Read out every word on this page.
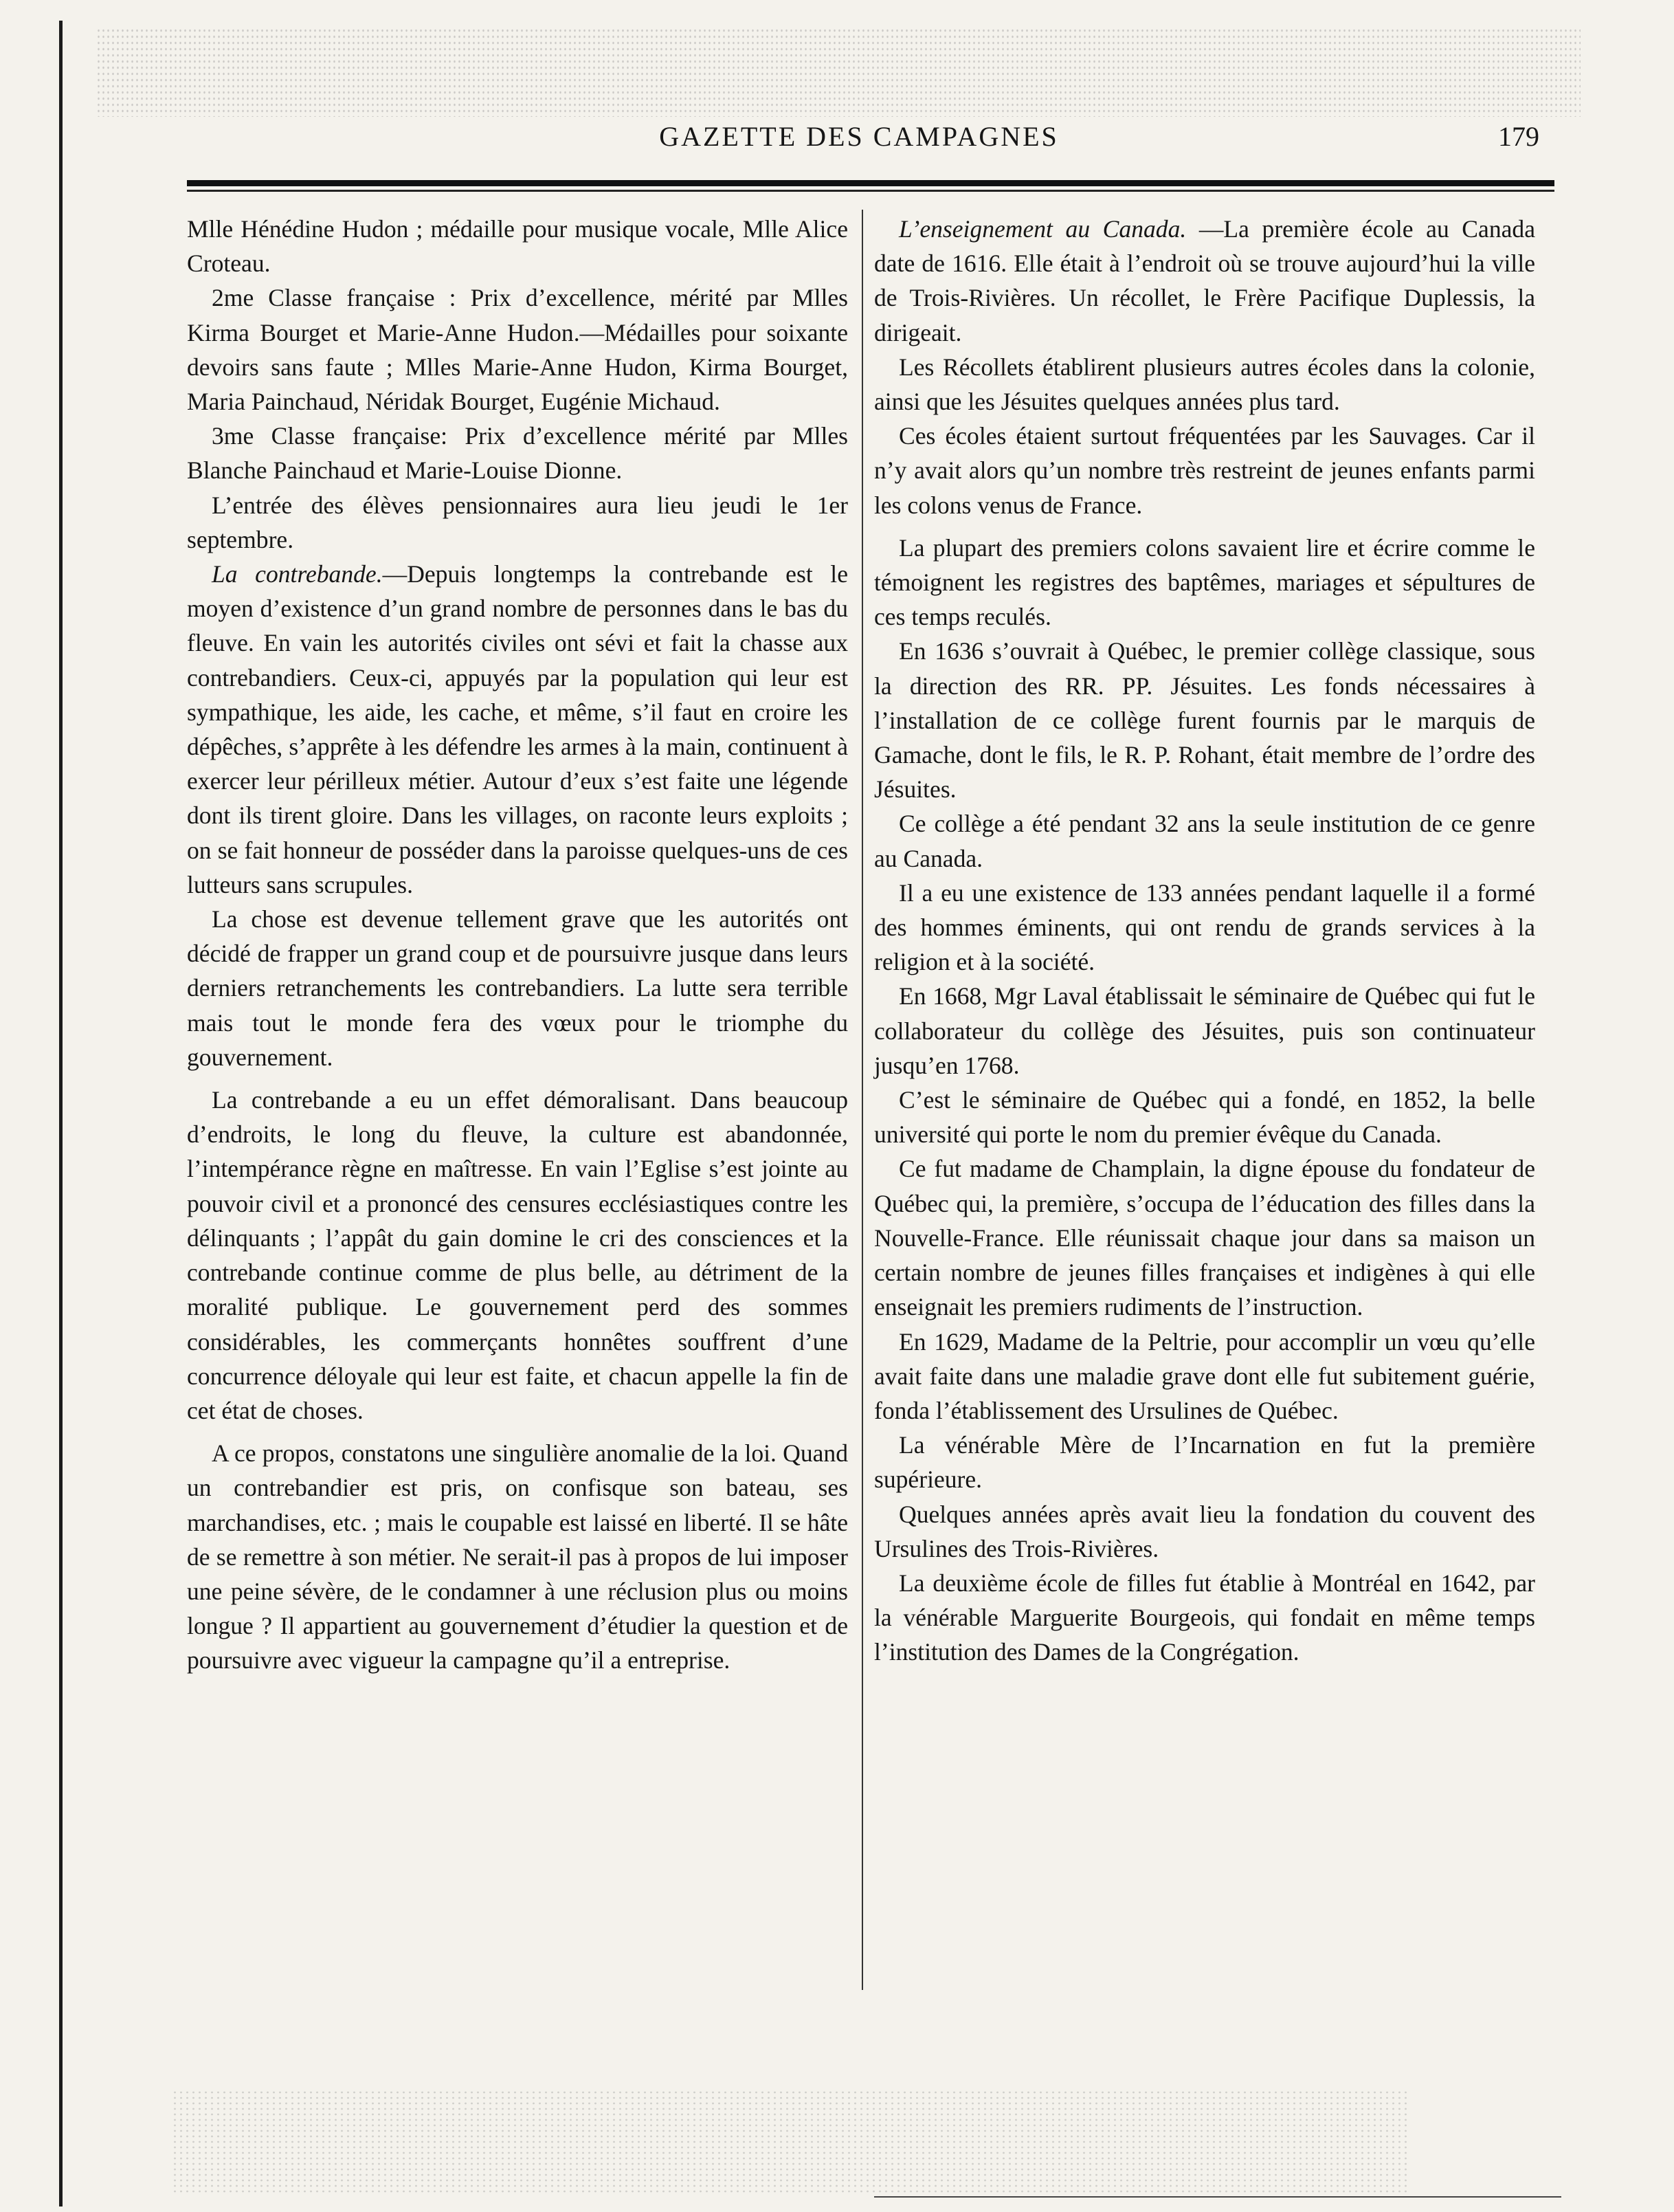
GAZETTE DES CAMPAGNES	179

Mlle Hénédine Hudon ; médaille pour musique vocale, Mlle Alice Croteau.

2me Classe française : Prix d’excellence, mérité par Mlles Kirma Bourget et Marie-Anne Hudon.—Médailles pour soixante devoirs sans faute ; Mlles Marie-Anne Hudon, Kirma Bourget, Maria Painchaud, Néridak Bourget, Eugénie Michaud.

3me Classe française: Prix d’excellence mérité par Mlles Blanche Painchaud et Marie-Louise Dionne.

L’entrée des élèves pensionnaires aura lieu jeudi le 1er septembre.

La contrebande.—Depuis longtemps la contrebande est le moyen d’existence d’un grand nombre de personnes dans le bas du fleuve. En vain les autorités civiles ont sévi et fait la chasse aux contrebandiers. Ceux-ci, appuyés par la population qui leur est sympathique, les aide, les cache, et même, s’il faut en croire les dépêches, s’apprête à les défendre les armes à la main, continuent à exercer leur périlleux métier. Autour d’eux s’est faite une légende dont ils tirent gloire. Dans les villages, on raconte leurs exploits ; on se fait honneur de posséder dans la paroisse quelques-uns de ces lutteurs sans scrupules.

La chose est devenue tellement grave que les autorités ont décidé de frapper un grand coup et de poursuivre jusque dans leurs derniers retranchements les contrebandiers. La lutte sera terrible mais tout le monde fera des vœux pour le triomphe du gouvernement.

La contrebande a eu un effet démoralisant. Dans beaucoup d’endroits, le long du fleuve, la culture est abandonnée, l’intempérance règne en maîtresse. En vain l’Eglise s’est jointe au pouvoir civil et a prononcé des censures ecclésiastiques contre les délinquants ; l’appât du gain domine le cri des consciences et la contrebande continue comme de plus belle, au détriment de la moralité publique. Le gouvernement perd des sommes considérables, les commerçants honnêtes souffrent d’une concurrence déloyale qui leur est faite, et chacun appelle la fin de cet état de choses.

A ce propos, constatons une singulière anomalie de la loi. Quand un contrebandier est pris, on confisque son bateau, ses marchandises, etc. ; mais le coupable est laissé en liberté. Il se hâte de se remettre à son métier. Ne serait-il pas à propos de lui imposer une peine sévère, de le condamner à une réclusion plus ou moins longue ? Il appartient au gouvernement d’étudier la question et de poursuivre avec vigueur la campagne qu’il a entreprise.

L’enseignement au Canada. —La première école au Canada date de 1616. Elle était à l’endroit où se trouve aujourd’hui la ville de Trois-Rivières. Un récollet, le Frère Pacifique Duplessis, la dirigeait.

Les Récollets établirent plusieurs autres écoles dans la colonie, ainsi que les Jésuites quelques années plus tard.

Ces écoles étaient surtout fréquentées par les Sauvages. Car il n’y avait alors qu’un nombre très restreint de jeunes enfants parmi les colons venus de France.

La plupart des premiers colons savaient lire et écrire comme le témoignent les registres des baptêmes, mariages et sépultures de ces temps reculés.

En 1636 s’ouvrait à Québec, le premier collège classique, sous la direction des RR. PP. Jésuites. Les fonds nécessaires à l’installation de ce collège furent fournis par le marquis de Gamache, dont le fils, le R. P. Rohant, était membre de l’ordre des Jésuites.

Ce collège a été pendant 32 ans la seule institution de ce genre au Canada.

Il a eu une existence de 133 années pendant laquelle il a formé des hommes éminents, qui ont rendu de grands services à la religion et à la société.

En 1668, Mgr Laval établissait le séminaire de Québec qui fut le collaborateur du collège des Jésuites, puis son continuateur jusqu’en 1768.

C’est le séminaire de Québec qui a fondé, en 1852, la belle université qui porte le nom du premier évêque du Canada.

Ce fut madame de Champlain, la digne épouse du fondateur de Québec qui, la première, s’occupa de l’éducation des filles dans la Nouvelle-France. Elle réunissait chaque jour dans sa maison un certain nombre de jeunes filles françaises et indigènes à qui elle enseignait les premiers rudiments de l’instruction.

En 1629, Madame de la Peltrie, pour accomplir un vœu qu’elle avait faite dans une maladie grave dont elle fut subitement guérie, fonda l’établissement des Ursulines de Québec.

La vénérable Mère de l’Incarnation en fut la première supérieure.

Quelques années après avait lieu la fondation du couvent des Ursulines des Trois-Rivières.

La deuxième école de filles fut établie à Montréal en 1642, par la vénérable Marguerite Bourgeois, qui fondait en même temps l’institution des Dames de la Congrégation.
